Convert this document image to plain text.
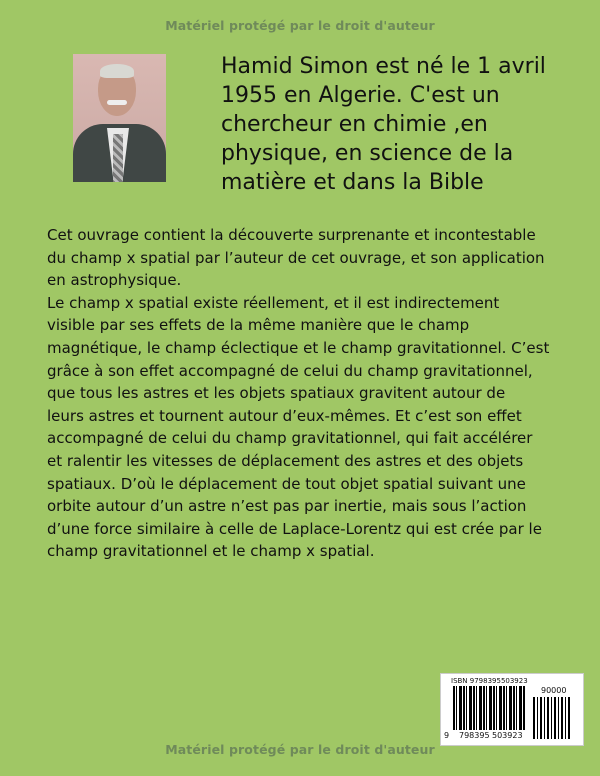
Matériel protégé par le droit d'auteur
Hamid Simon est né le 1 avril
1955 en Algerie. C'est un
chercheur en chimie ,en
physique, en science de la
matière et dans la Bible
Cet ouvrage contient la découverte surprenante et incontestable
du champ x spatial par l’auteur de cet ouvrage, et son application
en astrophysique.
Le champ x spatial existe réellement, et il est indirectement
visible par ses effets de la même manière que le champ
magnétique, le champ éclectique et le champ gravitationnel. C’est
grâce à son effet accompagné de celui du champ gravitationnel,
que tous les astres et les objets spatiaux gravitent autour de
leurs astres et tournent autour d’eux-mêmes. Et c’est son effet
accompagné de celui du champ gravitationnel, qui fait accélérer
et ralentir les vitesses de déplacement des astres et des objets
spatiaux. D’où le déplacement de tout objet spatial suivant une
orbite autour d’un astre n’est pas par inertie, mais sous l’action
d’une force similaire à celle de Laplace-Lorentz qui est crée par le
champ gravitationnel et le champ x spatial.
ISBN 9798395503923
90000
9 798395 503923
Matériel protégé par le droit d'auteur
